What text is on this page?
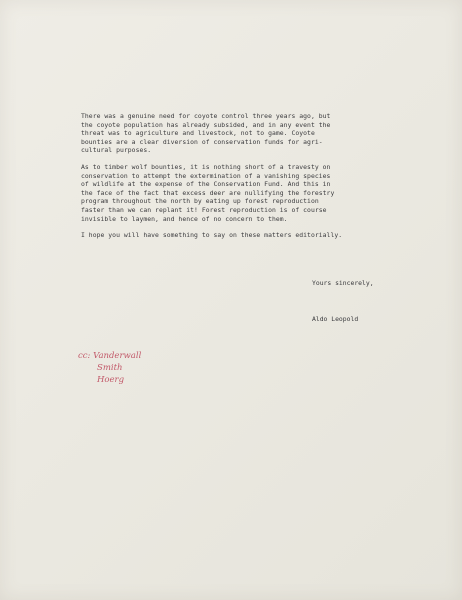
There was a genuine need for coyote control three years ago, but
the coyote population has already subsided, and in any event the
threat was to agriculture and livestock, not to game. Coyote
bounties are a clear diversion of conservation funds for agri-
cultural purposes.
As to timber wolf bounties, it is nothing short of a travesty on
conservation to attempt the extermination of a vanishing species
of wildlife at the expense of the Conservation Fund. And this in
the face of the fact that excess deer are nullifying the forestry
program throughout the north by eating up forest reproduction
faster than we can replant it! Forest reproduction is of course
invisible to laymen, and hence of no concern to them.
I hope you will have something to say on these matters editorially.
Yours sincerely,
Aldo Leopold
cc: Vanderwall
Smith
Hoerg
